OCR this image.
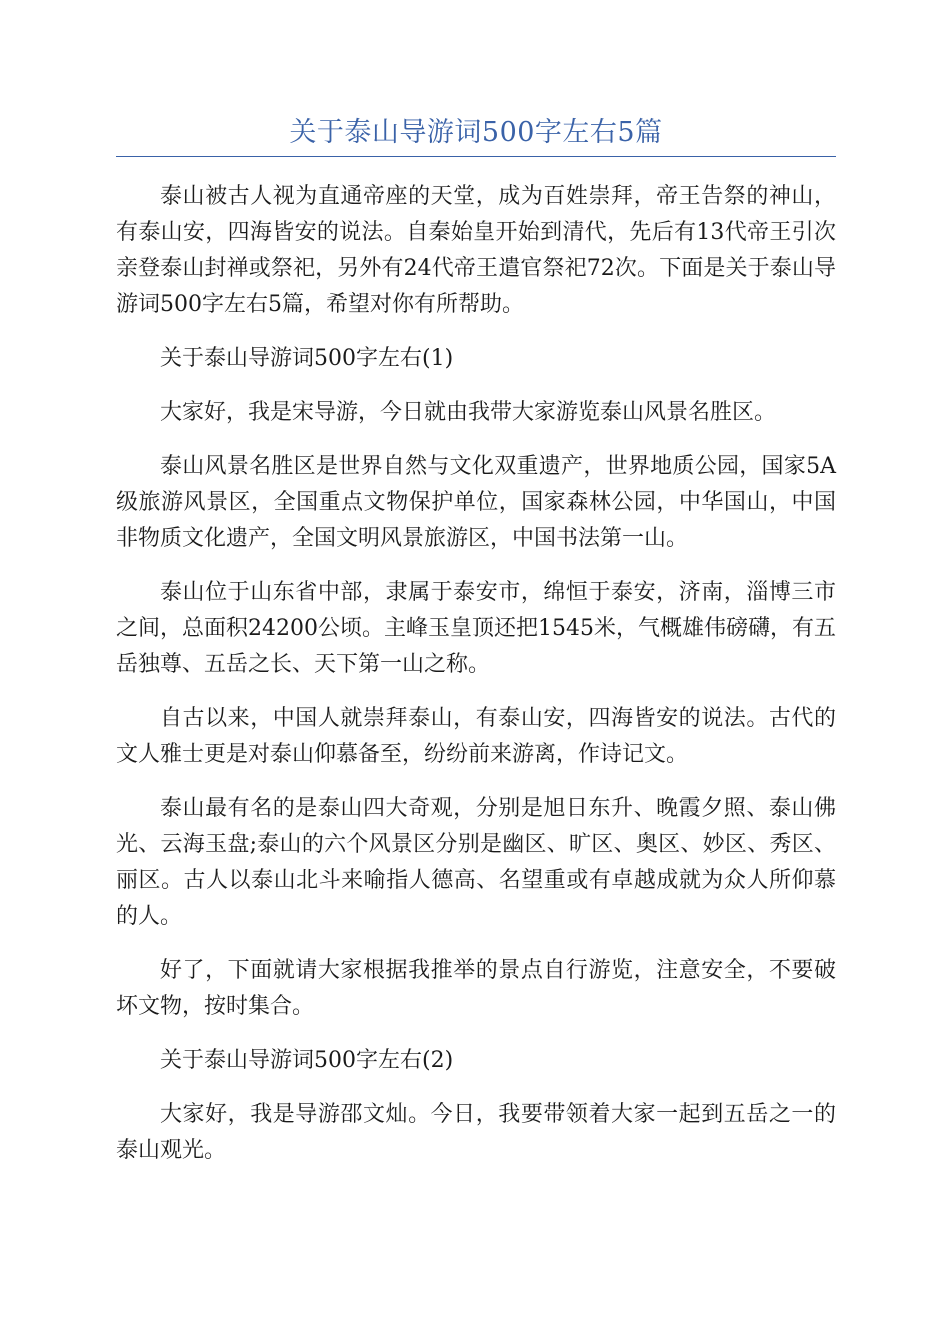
关于泰山导游词500字左右5篇

泰山被古人视为直通帝座的天堂，成为百姓崇拜，帝王告祭的神山，有泰山安，四海皆安的说法。自秦始皇开始到清代，先后有13代帝王引次亲登泰山封禅或祭祀，另外有24代帝王遣官祭祀72次。下面是关于泰山导游词500字左右5篇，希望对你有所帮助。

关于泰山导游词500字左右(1)

大家好，我是宋导游，今日就由我带大家游览泰山风景名胜区。

泰山风景名胜区是世界自然与文化双重遗产，世界地质公园，国家5A级旅游风景区，全国重点文物保护单位，国家森林公园，中华国山，中国非物质文化遗产，全国文明风景旅游区，中国书法第一山。

泰山位于山东省中部，隶属于泰安市，绵恒于泰安，济南，淄博三市之间，总面积24200公顷。主峰玉皇顶还把1545米，气概雄伟磅礴，有五岳独尊、五岳之长、天下第一山之称。

自古以来，中国人就崇拜泰山，有泰山安，四海皆安的说法。古代的文人雅士更是对泰山仰慕备至，纷纷前来游离，作诗记文。

泰山最有名的是泰山四大奇观，分别是旭日东升、晚霞夕照、泰山佛光、云海玉盘;泰山的六个风景区分别是幽区、旷区、奥区、妙区、秀区、丽区。古人以泰山北斗来喻指人德高、名望重或有卓越成就为众人所仰慕的人。

好了，下面就请大家根据我推举的景点自行游览，注意安全，不要破坏文物，按时集合。

关于泰山导游词500字左右(2)

大家好，我是导游邵文灿。今日，我要带领着大家一起到五岳之一的泰山观光。
